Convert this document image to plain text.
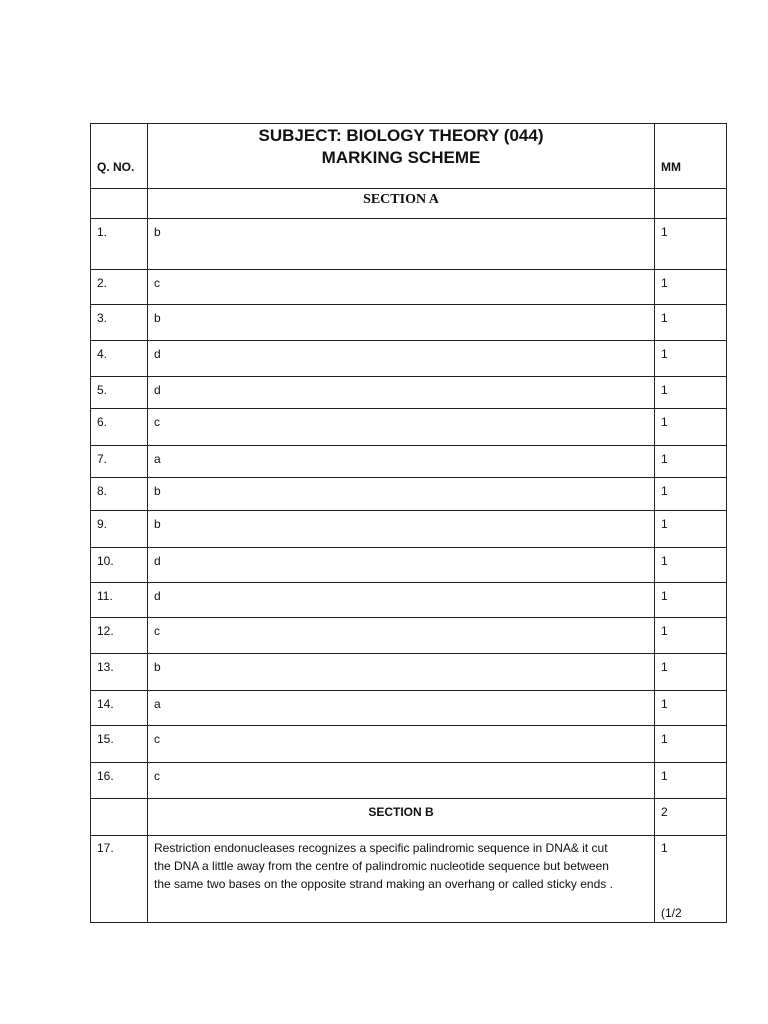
Q. NO.	SUBJECT: BIOLOGY THEORY (044)
MARKING SCHEME	MM

	SECTION A	

1.	b	1

2.	c	1

3.	b	1

4.	d	1

5.	d	1

6.	c	1

7.	a	1

8.	b	1

9.	b	1

10.	d	1

11.	d	1

12.	c	1

13.	b	1

14.	a	1

15.	c	1

16.	c	1

	SECTION B	2

17.	Restriction endonucleases recognizes a specific palindromic sequence in DNA& it cut
the DNA a little away from the centre of palindromic nucleotide sequence but between
the same two bases on the opposite strand making an overhang or called sticky ends .	1
(1/2
